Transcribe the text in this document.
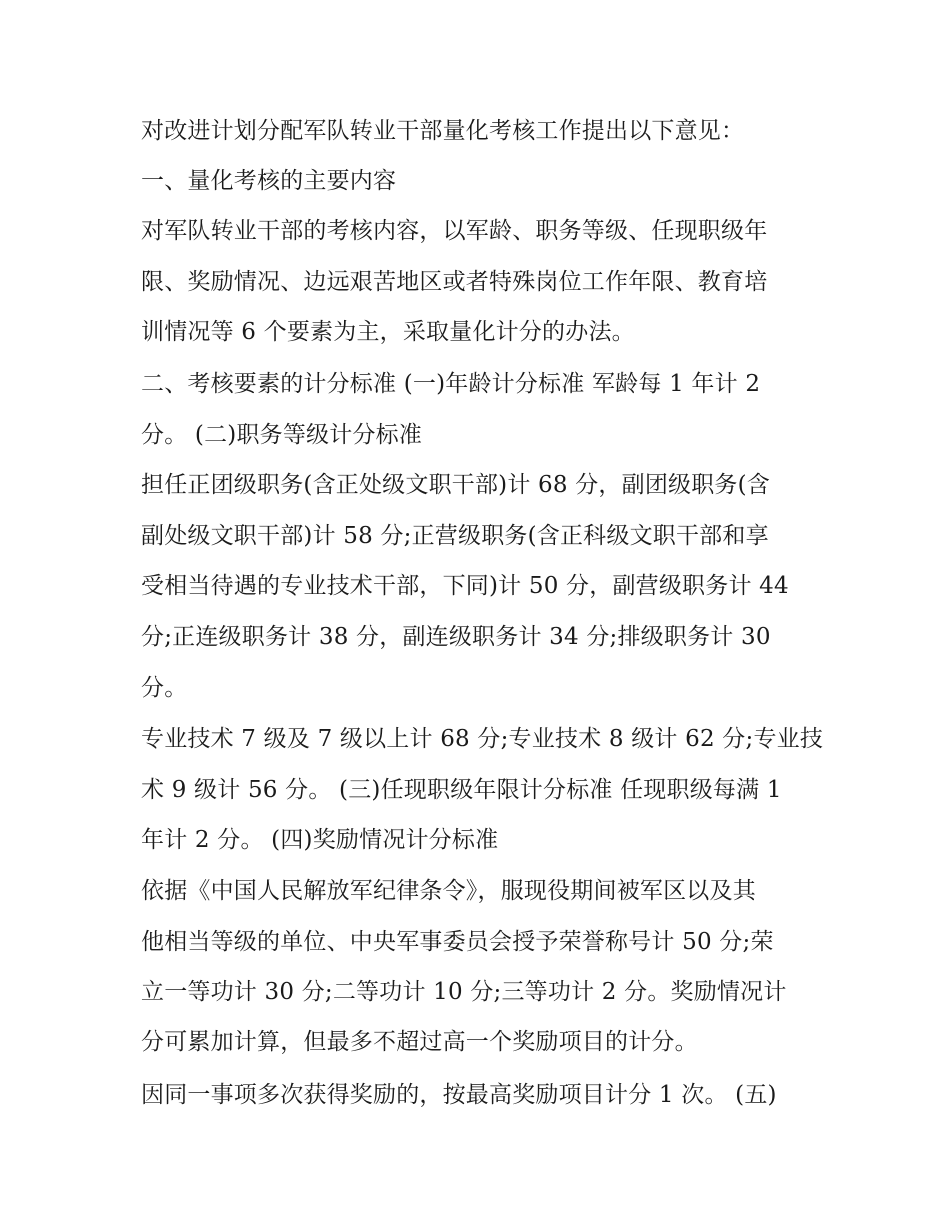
对改进计划分配军队转业干部量化考核工作提出以下意见：
一、量化考核的主要内容
对军队转业干部的考核内容，以军龄、职务等级、任现职级年
限、奖励情况、边远艰苦地区或者特殊岗位工作年限、教育培
训情况等 6 个要素为主，采取量化计分的办法。
二、考核要素的计分标准 (一)年龄计分标准 军龄每 1 年计 2
分。 (二)职务等级计分标准
担任正团级职务(含正处级文职干部)计 68 分，副团级职务(含
副处级文职干部)计 58 分;正营级职务(含正科级文职干部和享
受相当待遇的专业技术干部，下同)计 50 分，副营级职务计 44
分;正连级职务计 38 分，副连级职务计 34 分;排级职务计 30
分。
专业技术 7 级及 7 级以上计 68 分;专业技术 8 级计 62 分;专业技
术 9 级计 56 分。 (三)任现职级年限计分标准 任现职级每满 1
年计 2 分。 (四)奖励情况计分标准
依据《中国人民解放军纪律条令》，服现役期间被军区以及其
他相当等级的单位、中央军事委员会授予荣誉称号计 50 分;荣
立一等功计 30 分;二等功计 10 分;三等功计 2 分。奖励情况计
分可累加计算，但最多不超过高一个奖励项目的计分。
因同一事项多次获得奖励的，按最高奖励项目计分 1 次。 (五)
